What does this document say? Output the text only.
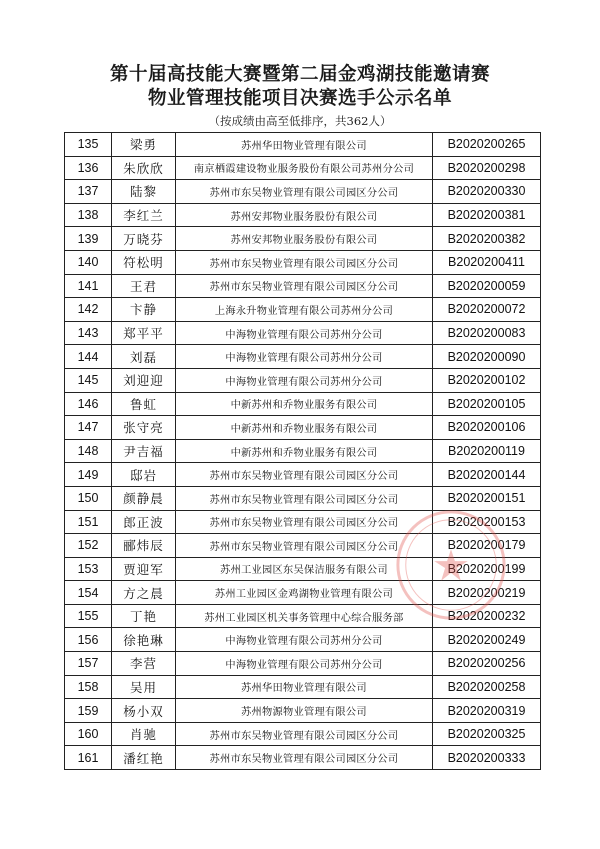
第十届高技能大赛暨第二届金鸡湖技能邀请赛
物业管理技能项目决赛选手公示名单
（按成绩由高至低排序，共362人）
135	梁勇	苏州华田物业管理有限公司	B2020200265
136	朱欣欣	南京栖霞建设物业服务股份有限公司苏州分公司	B2020200298
137	陆黎	苏州市东吴物业管理有限公司园区分公司	B2020200330
138	李红兰	苏州安邦物业服务股份有限公司	B2020200381
139	万晓芬	苏州安邦物业服务股份有限公司	B2020200382
140	符松明	苏州市东吴物业管理有限公司园区分公司	B2020200411
141	王君	苏州市东吴物业管理有限公司园区分公司	B2020200059
142	卞静	上海永升物业管理有限公司苏州分公司	B2020200072
143	郑平平	中海物业管理有限公司苏州分公司	B2020200083
144	刘磊	中海物业管理有限公司苏州分公司	B2020200090
145	刘迎迎	中海物业管理有限公司苏州分公司	B2020200102
146	鲁虹	中新苏州和乔物业服务有限公司	B2020200105
147	张守亮	中新苏州和乔物业服务有限公司	B2020200106
148	尹吉福	中新苏州和乔物业服务有限公司	B2020200119
149	邸岩	苏州市东吴物业管理有限公司园区分公司	B2020200144
150	颜静晨	苏州市东吴物业管理有限公司园区分公司	B2020200151
151	郎正波	苏州市东吴物业管理有限公司园区分公司	B2020200153
152	郦炜辰	苏州市东吴物业管理有限公司园区分公司	B2020200179
153	贾迎军	苏州工业园区东吴保洁服务有限公司	B2020200199
154	方之晨	苏州工业园区金鸡湖物业管理有限公司	B2020200219
155	丁艳	苏州工业园区机关事务管理中心综合服务部	B2020200232
156	徐艳琳	中海物业管理有限公司苏州分公司	B2020200249
157	李营	中海物业管理有限公司苏州分公司	B2020200256
158	吴用	苏州华田物业管理有限公司	B2020200258
159	杨小双	苏州物源物业管理有限公司	B2020200319
160	肖驰	苏州市东吴物业管理有限公司园区分公司	B2020200325
161	潘红艳	苏州市东吴物业管理有限公司园区分公司	B2020200333
